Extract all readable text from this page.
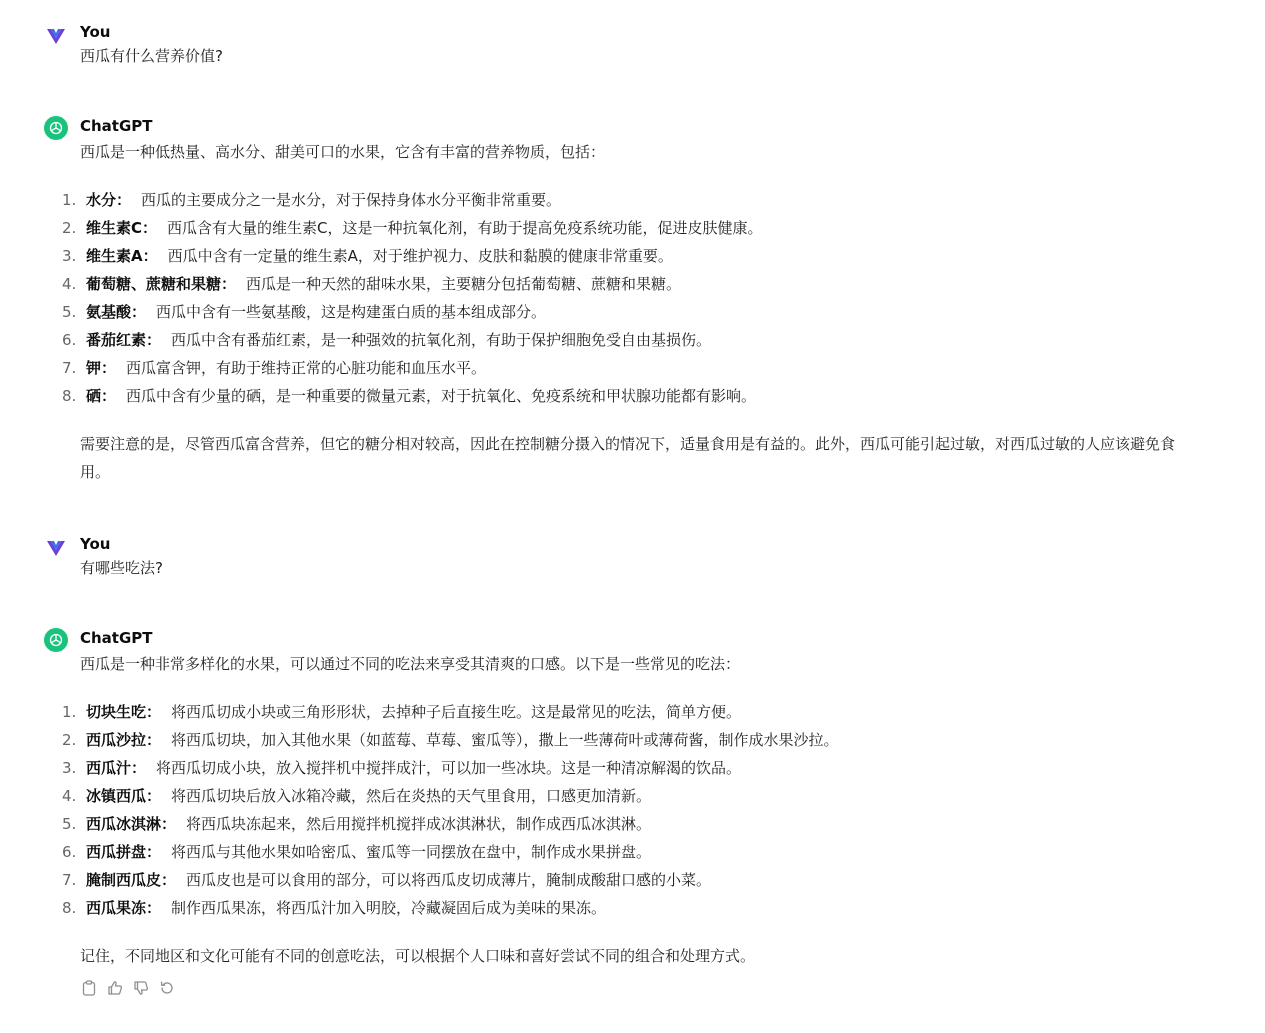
You
西瓜有什么营养价值?
ChatGPT
西瓜是一种低热量、高水分、甜美可口的水果，它含有丰富的营养物质，包括：
1. 水分： 西瓜的主要成分之一是水分，对于保持身体水分平衡非常重要。
2. 维生素C： 西瓜含有大量的维生素C，这是一种抗氧化剂，有助于提高免疫系统功能，促进皮肤健康。
3. 维生素A： 西瓜中含有一定量的维生素A，对于维护视力、皮肤和黏膜的健康非常重要。
4. 葡萄糖、蔗糖和果糖： 西瓜是一种天然的甜味水果，主要糖分包括葡萄糖、蔗糖和果糖。
5. 氨基酸： 西瓜中含有一些氨基酸，这是构建蛋白质的基本组成部分。
6. 番茄红素： 西瓜中含有番茄红素，是一种强效的抗氧化剂，有助于保护细胞免受自由基损伤。
7. 钾： 西瓜富含钾，有助于维持正常的心脏功能和血压水平。
8. 硒： 西瓜中含有少量的硒，是一种重要的微量元素，对于抗氧化、免疫系统和甲状腺功能都有影响。
需要注意的是，尽管西瓜富含营养，但它的糖分相对较高，因此在控制糖分摄入的情况下，适量食用是有益的。此外，西瓜可能引起过敏，对西瓜过敏的人应该避免食用。
You
有哪些吃法?
ChatGPT
西瓜是一种非常多样化的水果，可以通过不同的吃法来享受其清爽的口感。以下是一些常见的吃法：
1. 切块生吃： 将西瓜切成小块或三角形形状，去掉种子后直接生吃。这是最常见的吃法，简单方便。
2. 西瓜沙拉： 将西瓜切块，加入其他水果（如蓝莓、草莓、蜜瓜等），撒上一些薄荷叶或薄荷酱，制作成水果沙拉。
3. 西瓜汁： 将西瓜切成小块，放入搅拌机中搅拌成汁，可以加一些冰块。这是一种清凉解渴的饮品。
4. 冰镇西瓜： 将西瓜切块后放入冰箱冷藏，然后在炎热的天气里食用，口感更加清新。
5. 西瓜冰淇淋： 将西瓜块冻起来，然后用搅拌机搅拌成冰淇淋状，制作成西瓜冰淇淋。
6. 西瓜拼盘： 将西瓜与其他水果如哈密瓜、蜜瓜等一同摆放在盘中，制作成水果拼盘。
7. 腌制西瓜皮： 西瓜皮也是可以食用的部分，可以将西瓜皮切成薄片，腌制成酸甜口感的小菜。
8. 西瓜果冻： 制作西瓜果冻，将西瓜汁加入明胶，冷藏凝固后成为美味的果冻。
记住，不同地区和文化可能有不同的创意吃法，可以根据个人口味和喜好尝试不同的组合和处理方式。
